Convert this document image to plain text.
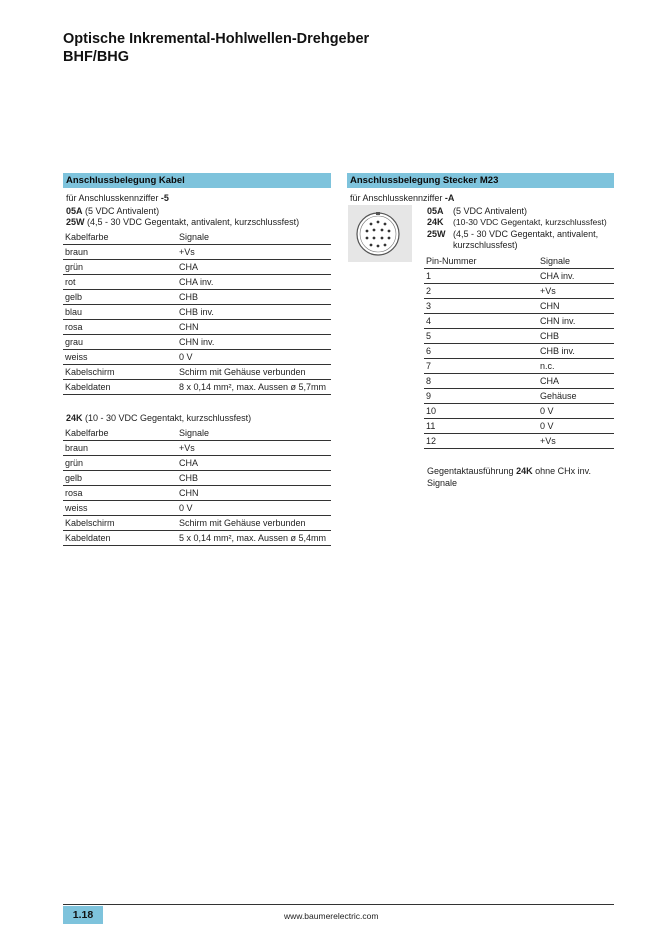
Optische Inkremental-Hohlwellen-Drehgeber
BHF/BHG
Anschlussbelegung Kabel
für Anschlusskennziffer -5
05A (5 VDC Antivalent)
25W (4,5 - 30 VDC Gegentakt, antivalent, kurzschlussfest)
Kabelfarbe	Signale
braun	+Vs
grün	CHA
rot	CHA inv.
gelb	CHB
blau	CHB inv.
rosa	CHN
grau	CHN inv.
weiss	0 V
Kabelschirm	Schirm mit Gehäuse verbunden
Kabeldaten	8 x 0,14 mm², max. Aussen ø 5,7mm
24K (10 - 30 VDC Gegentakt, kurzschlussfest)
Kabelfarbe	Signale
braun	+Vs
grün	CHA
gelb	CHB
rosa	CHN
weiss	0 V
Kabelschirm	Schirm mit Gehäuse verbunden
Kabeldaten	5 x 0,14 mm², max. Aussen ø 5,4mm
Anschlussbelegung Stecker M23
für Anschlusskennziffer -A
05A (5 VDC Antivalent)
24K (10-30 VDC Gegentakt, kurzschlussfest)
25W (4,5 - 30 VDC Gegentakt, antivalent,
kurzschlussfest)
Pin-Nummer	Signale
1	CHA inv.
2	+Vs
3	CHN
4	CHN inv.
5	CHB
6	CHB inv.
7	n.c.
8	CHA
9	Gehäuse
10	0 V
11	0 V
12	+Vs
Gegentaktausführung 24K ohne CHx inv.
Signale
1.18	www.baumerelectric.com
